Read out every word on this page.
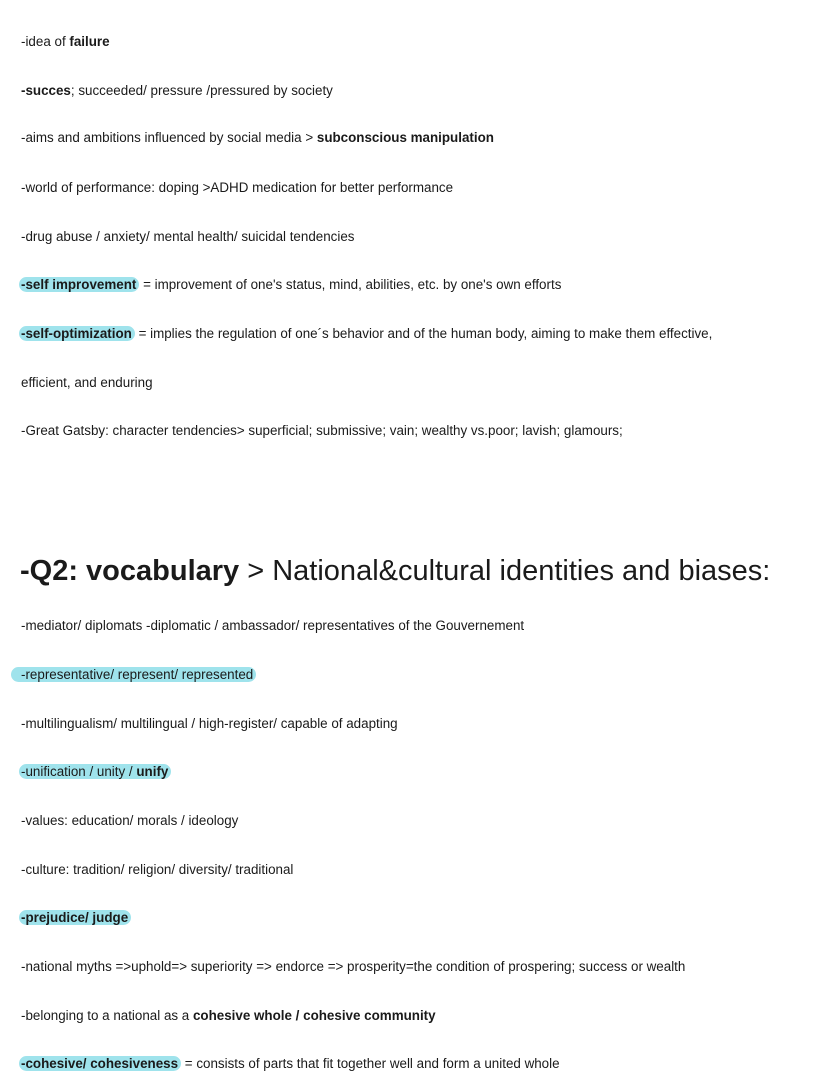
-idea of failure
-succes; succeeded/ pressure /pressured by society
-aims and ambitions influenced by social media > subconscious manipulation
-world of performance: doping >ADHD medication for better performance
-drug abuse / anxiety/ mental health/ suicidal tendencies
-self improvement = improvement of one's status, mind, abilities, etc. by one's own efforts
-self-optimization = implies the regulation of one´s behavior and of the human body, aiming to make them effective,
efficient, and enduring
-Great Gatsby: character tendencies> superficial; submissive; vain; wealthy vs.poor; lavish; glamours;
-Q2: vocabulary > National&cultural identities and biases:
-mediator/ diplomats -diplomatic / ambassador/ representatives of the Gouvernement
-representative/ represent/ represented
-multilingualism/ multilingual / high-register/ capable of adapting
-unification / unity / unify
-values: education/ morals / ideology
-culture: tradition/ religion/ diversity/ traditional
-prejudice/ judge
-national myths =>uphold=> superiority => endorce => prosperity=the condition of prospering; success or wealth
-belonging to a national as a cohesive whole / cohesive community
-cohesive/ cohesiveness = consists of parts that fit together well and form a united whole
